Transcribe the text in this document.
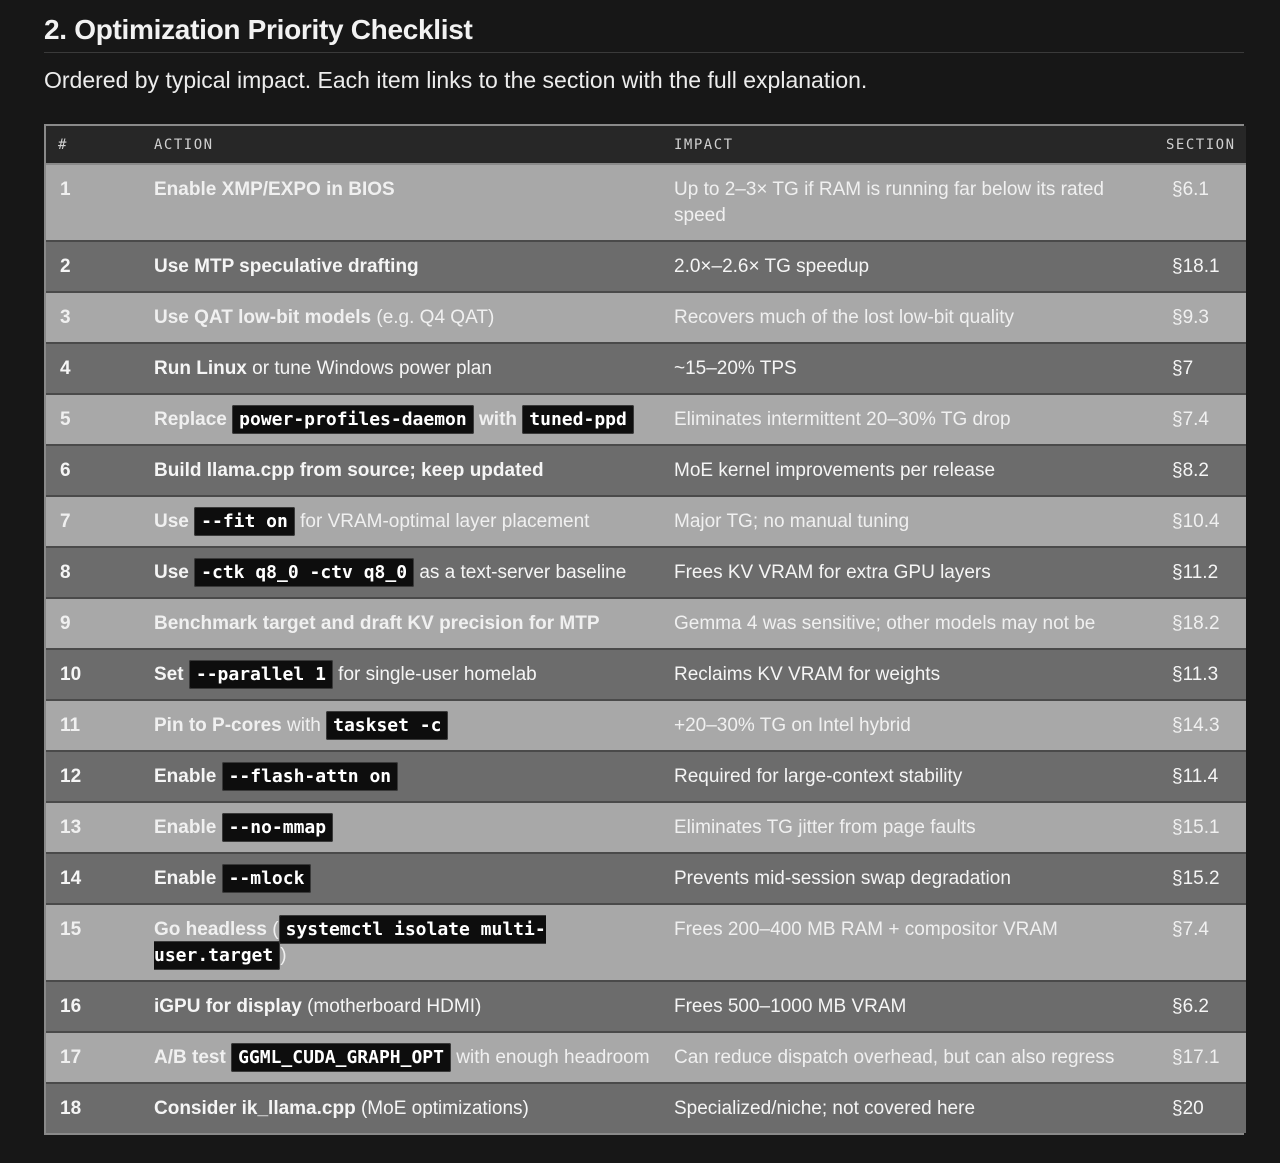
2. Optimization Priority Checklist

Ordered by typical impact. Each item links to the section with the full explanation.

#	ACTION	IMPACT	SECTION
1	Enable XMP/EXPO in BIOS	Up to 2–3× TG if RAM is running far below its rated speed	§6.1
2	Use MTP speculative drafting	2.0×–2.6× TG speedup	§18.1
3	Use QAT low-bit models (e.g. Q4 QAT)	Recovers much of the lost low-bit quality	§9.3
4	Run Linux or tune Windows power plan	~15–20% TPS	§7
5	Replace power-profiles-daemon with tuned-ppd	Eliminates intermittent 20–30% TG drop	§7.4
6	Build llama.cpp from source; keep updated	MoE kernel improvements per release	§8.2
7	Use --fit on for VRAM-optimal layer placement	Major TG; no manual tuning	§10.4
8	Use -ctk q8_0 -ctv q8_0 as a text-server baseline	Frees KV VRAM for extra GPU layers	§11.2
9	Benchmark target and draft KV precision for MTP	Gemma 4 was sensitive; other models may not be	§18.2
10	Set --parallel 1 for single-user homelab	Reclaims KV VRAM for weights	§11.3
11	Pin to P-cores with taskset -c	+20–30% TG on Intel hybrid	§14.3
12	Enable --flash-attn on	Required for large-context stability	§11.4
13	Enable --no-mmap	Eliminates TG jitter from page faults	§15.1
14	Enable --mlock	Prevents mid-session swap degradation	§15.2
15	Go headless ( systemctl isolate multi-user.target )	Frees 200–400 MB RAM + compositor VRAM	§7.4
16	iGPU for display (motherboard HDMI)	Frees 500–1000 MB VRAM	§6.2
17	A/B test GGML_CUDA_GRAPH_OPT with enough headroom	Can reduce dispatch overhead, but can also regress	§17.1
18	Consider ik_llama.cpp (MoE optimizations)	Specialized/niche; not covered here	§20
